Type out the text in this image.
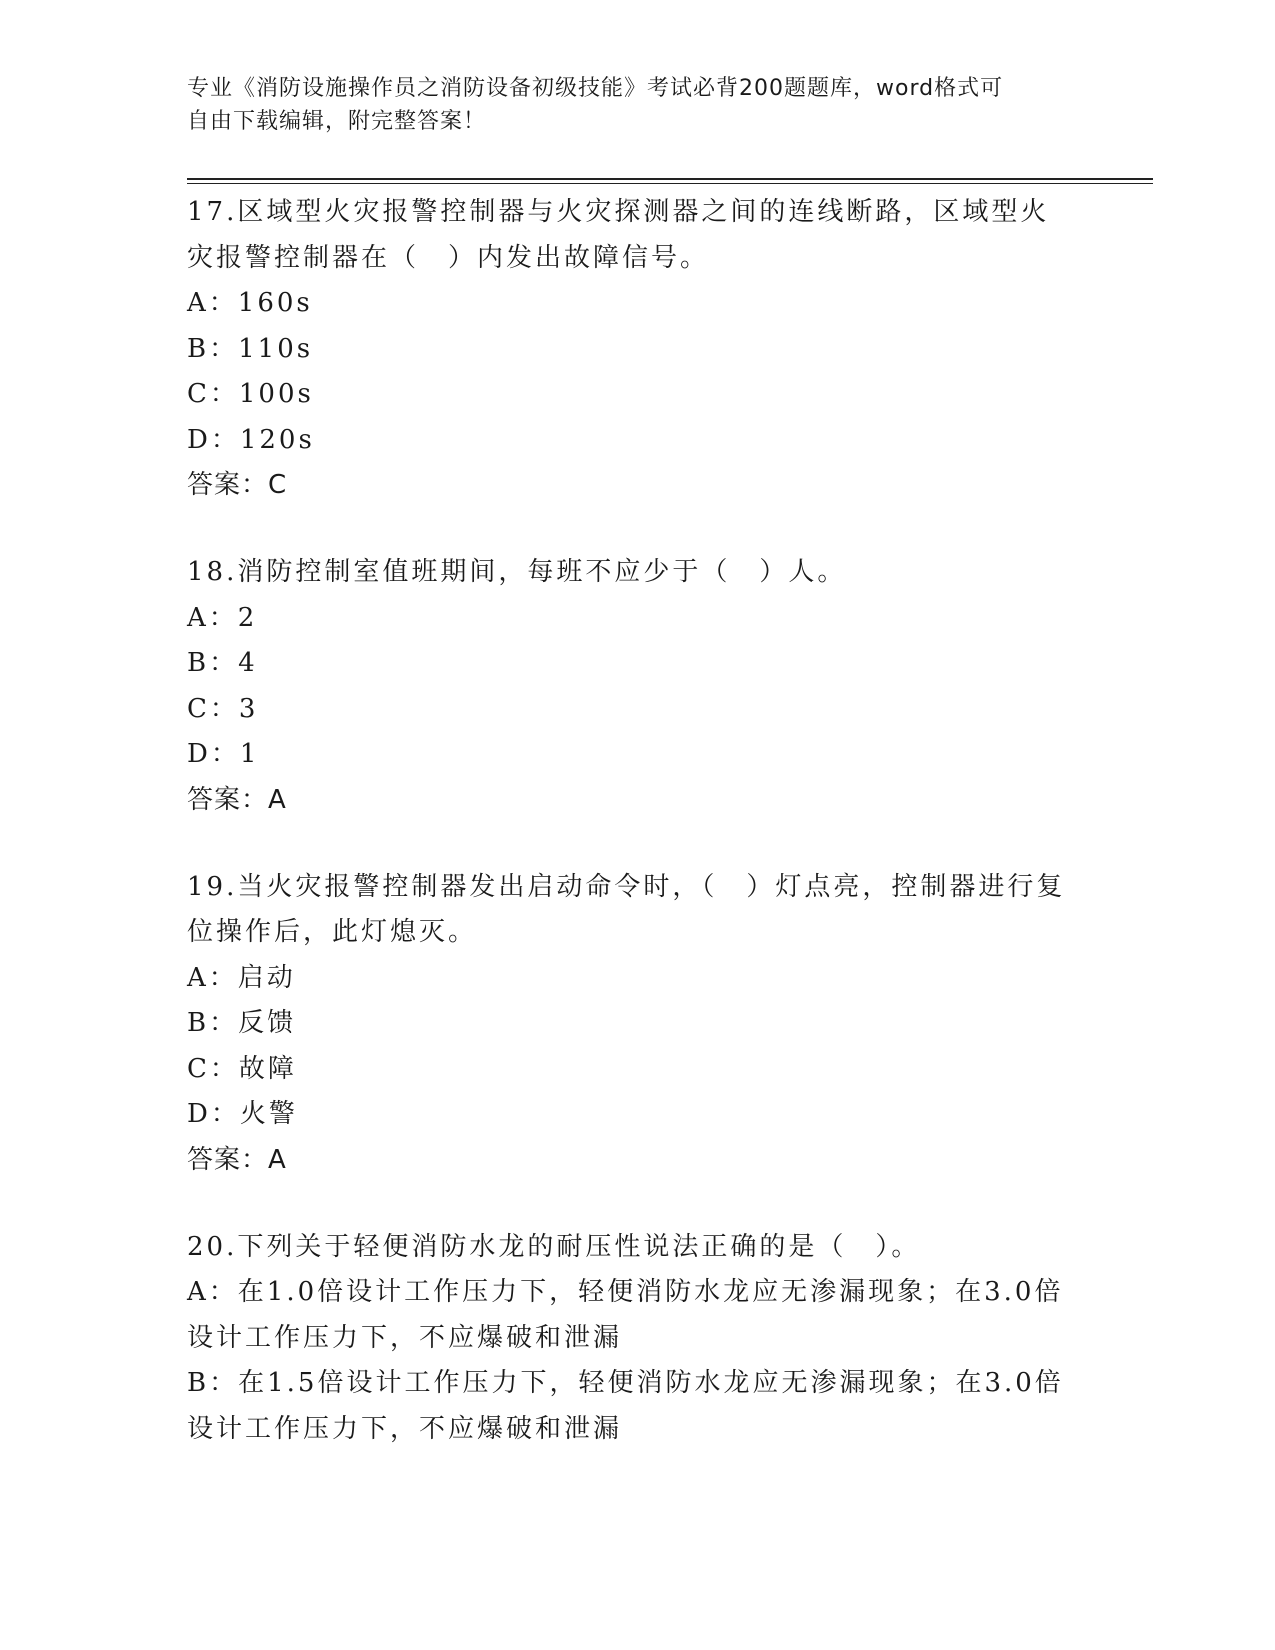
专业《消防设施操作员之消防设备初级技能》考试必背200题题库，word格式可
自由下载编辑，附完整答案！
17.区域型火灾报警控制器与火灾探测器之间的连线断路，区域型火灾报警控制器在（　）内发出故障信号。
A：160s
B：110s
C：100s
D：120s
答案：C
18.消防控制室值班期间，每班不应少于（　）人。
A：2
B：4
C：3
D：1
答案：A
19.当火灾报警控制器发出启动命令时，（　）灯点亮，控制器进行复位操作后，此灯熄灭。
A：启动
B：反馈
C：故障
D：火警
答案：A
20.下列关于轻便消防水龙的耐压性说法正确的是（　）。
A：在1.0倍设计工作压力下，轻便消防水龙应无渗漏现象；在3.0倍设计工作压力下，不应爆破和泄漏
B：在1.5倍设计工作压力下，轻便消防水龙应无渗漏现象；在3.0倍设计工作压力下，不应爆破和泄漏
